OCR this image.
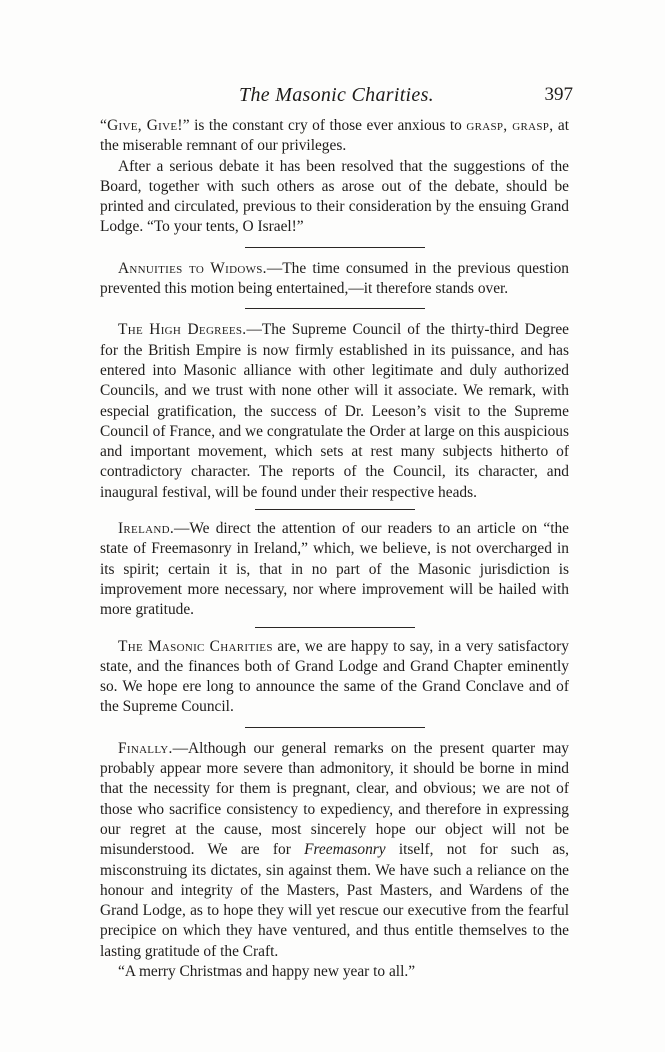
The Masonic Charities.	397

“Give, Give!” is the constant cry of those ever anxious to grasp, grasp, at the miserable remnant of our privileges.

After a serious debate it has been resolved that the suggestions of the Board, together with such others as arose out of the debate, should be printed and circulated, previous to their consideration by the ensuing Grand Lodge. “To your tents, O Israel!”

Annuities to Widows.—The time consumed in the previous question prevented this motion being entertained,—it therefore stands over.

The High Degrees.—The Supreme Council of the thirty-third Degree for the British Empire is now firmly established in its puissance, and has entered into Masonic alliance with other legitimate and duly authorized Councils, and we trust with none other will it associate. We remark, with especial gratification, the success of Dr. Leeson’s visit to the Supreme Council of France, and we congratulate the Order at large on this auspicious and important movement, which sets at rest many subjects hitherto of contradictory character. The reports of the Council, its character, and inaugural festival, will be found under their respective heads.

Ireland.—We direct the attention of our readers to an article on “the state of Freemasonry in Ireland,” which, we believe, is not overcharged in its spirit; certain it is, that in no part of the Masonic jurisdiction is improvement more necessary, nor where improvement will be hailed with more gratitude.

The Masonic Charities are, we are happy to say, in a very satisfactory state, and the finances both of Grand Lodge and Grand Chapter eminently so. We hope ere long to announce the same of the Grand Conclave and of the Supreme Council.

Finally.—Although our general remarks on the present quarter may probably appear more severe than admonitory, it should be borne in mind that the necessity for them is pregnant, clear, and obvious; we are not of those who sacrifice consistency to expediency, and therefore in expressing our regret at the cause, most sincerely hope our object will not be misunderstood. We are for Freemasonry itself, not for such as, misconstruing its dictates, sin against them. We have such a reliance on the honour and integrity of the Masters, Past Masters, and Wardens of the Grand Lodge, as to hope they will yet rescue our executive from the fearful precipice on which they have ventured, and thus entitle themselves to the lasting gratitude of the Craft.

“A merry Christmas and happy new year to all.”
